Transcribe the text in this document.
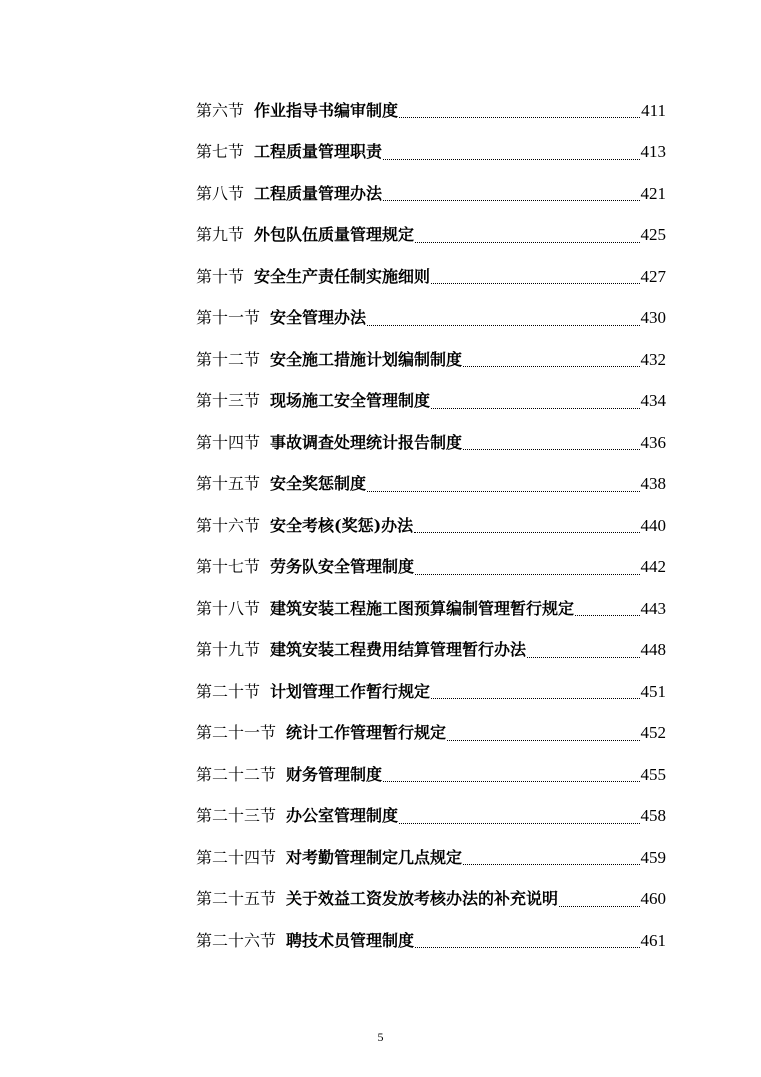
第六节 作业指导书编审制度	411
第七节 工程质量管理职责	413
第八节 工程质量管理办法	421
第九节 外包队伍质量管理规定	425
第十节 安全生产责任制实施细则	427
第十一节 安全管理办法	430
第十二节 安全施工措施计划编制制度	432
第十三节 现场施工安全管理制度	434
第十四节 事故调查处理统计报告制度	436
第十五节 安全奖惩制度	438
第十六节 安全考核(奖惩)办法	440
第十七节 劳务队安全管理制度	442
第十八节 建筑安装工程施工图预算编制管理暂行规定	443
第十九节 建筑安装工程费用结算管理暂行办法	448
第二十节 计划管理工作暂行规定	451
第二十一节 统计工作管理暂行规定	452
第二十二节 财务管理制度	455
第二十三节 办公室管理制度	458
第二十四节 对考勤管理制定几点规定	459
第二十五节 关于效益工资发放考核办法的补充说明	460
第二十六节 聘技术员管理制度	461
5
